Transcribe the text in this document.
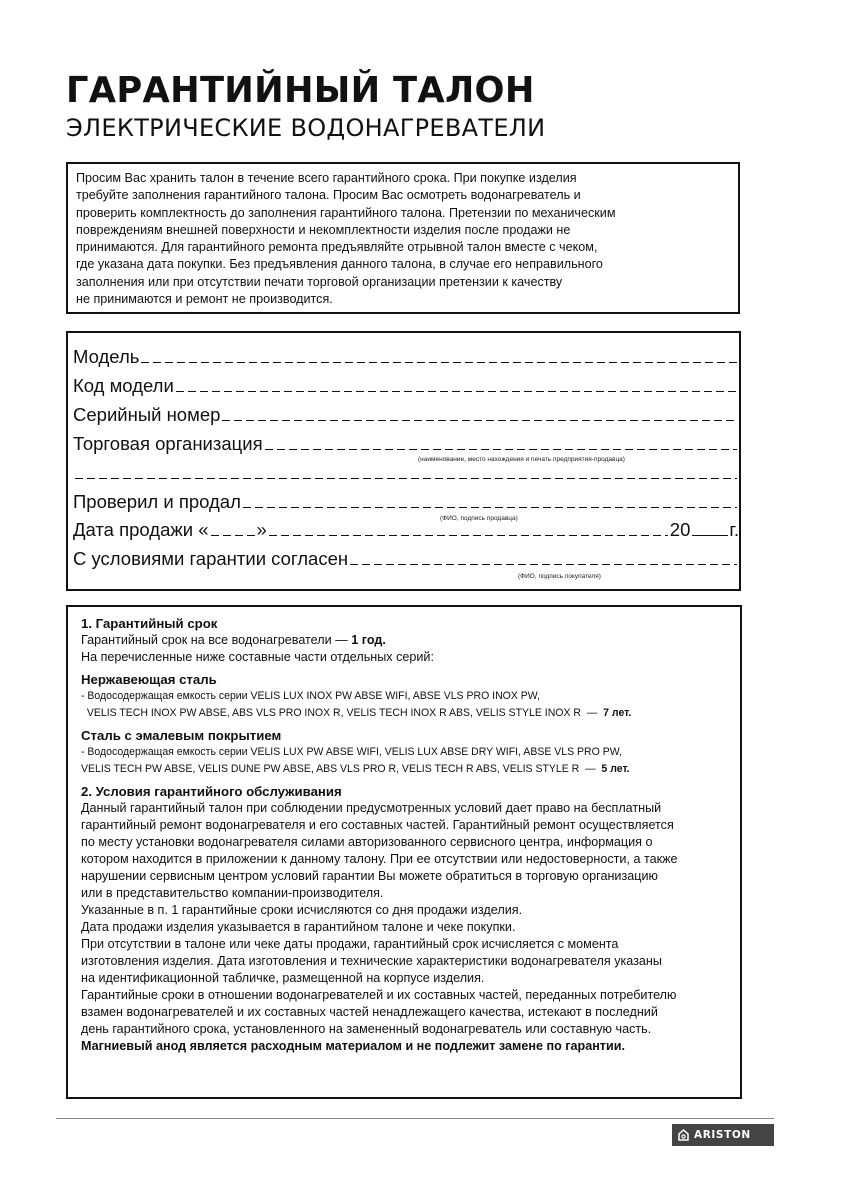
ГАРАНТИЙНЫЙ ТАЛОН
ЭЛЕКТРИЧЕСКИЕ ВОДОНАГРЕВАТЕЛИ
Просим Вас хранить талон в течение всего гарантийного срока. При покупке изделия
требуйте заполнения гарантийного талона. Просим Вас осмотреть водонагреватель и
проверить комплектность до заполнения гарантийного талона. Претензии по механическим
повреждениям внешней поверхности и некомплектности изделия после продажи не
принимаются. Для гарантийного ремонта предъявляйте отрывной талон вместе с чеком,
где указана дата покупки. Без предъявления данного талона, в случае его неправильного
заполнения или при отсутствии печати торговой организации претензии к качеству
не принимаются и ремонт не производится.
Модель
Код модели
Серийный номер
Торговая организация
(наименование, место нахождения и печать предприятия-продавца)
Проверил и продал
(ФИО, подпись продавца)
Дата продажи «	»	20 г.
С условиями гарантии согласен
(ФИО, подпись покупателя)
1. Гарантийный срок
Гарантийный срок на все водонагреватели — 1 год.
На перечисленные ниже составные части отдельных серий:
Нержавеющая сталь
- Водосодержащая емкость серии VELIS LUX INOX PW ABSE WIFI, ABSE VLS PRO INOX PW,
VELIS TECH INOX PW ABSE, ABS VLS PRO INOX R, VELIS TECH INOX R ABS, VELIS STYLE INOX R  —  7 лет.
Сталь с эмалевым покрытием
- Водосодержащая емкость серии VELIS LUX PW ABSE WIFI, VELIS LUX ABSE DRY WIFI, ABSE VLS PRO PW,
VELIS TECH PW ABSE, VELIS DUNE PW ABSE, ABS VLS PRO R, VELIS TECH R ABS, VELIS STYLE R  —  5 лет.
2. Условия гарантийного обслуживания
Данный гарантийный талон при соблюдении предусмотренных условий дает право на бесплатный
гарантийный ремонт водонагревателя и его составных частей. Гарантийный ремонт осуществляется
по месту установки водонагревателя силами авторизованного сервисного центра, информация о
котором находится в приложении к данному талону. При ее отсутствии или недостоверности, а также
нарушении сервисным центром условий гарантии Вы можете обратиться в торговую организацию
или в представительство компании-производителя.
Указанные в п. 1 гарантийные сроки исчисляются со дня продажи изделия.
Дата продажи изделия указывается в гарантийном талоне и чеке покупки.
При отсутствии в талоне или чеке даты продажи, гарантийный срок исчисляется с момента
изготовления изделия. Дата изготовления и технические характеристики водонагревателя указаны
на идентификационной табличке, размещенной на корпусе изделия.
Гарантийные сроки в отношении водонагревателей и их составных частей, переданных потребителю
взамен водонагревателей и их составных частей ненадлежащего качества, истекают в последний
день гарантийного срока, установленного на замененный водонагреватель или составную часть.
Магниевый анод является расходным материалом и не подлежит замене по гарантии.
ARISTON
